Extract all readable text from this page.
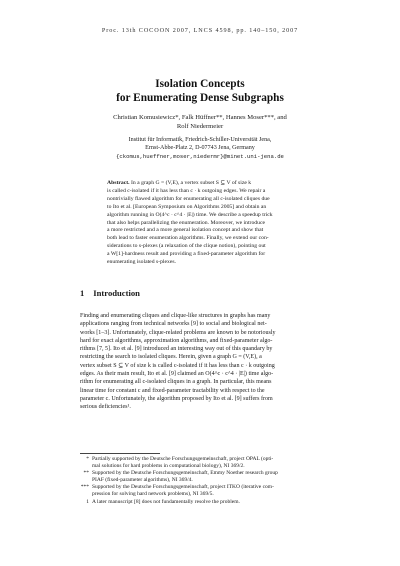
Proc. 13th COCOON 2007, LNCS 4598, pp. 140–150, 2007
Isolation Concepts
for Enumerating Dense Subgraphs
Christian Komusiewicz*, Falk Hüffner**, Hannes Moser***, and
Rolf Niedermeier
Institut für Informatik, Friedrich-Schiller-Universität Jena,
Ernst-Abbe-Platz 2, D-07743 Jena, Germany
{ckomus,hueffner,moser,niedermr}@minet.uni-jena.de
Abstract. In a graph G = (V,E), a vertex subset S ⊆ V of size k
is called c-isolated if it has less than c · k outgoing edges. We repair a
nontrivially flawed algorithm for enumerating all c-isolated cliques due
to Ito et al. [European Symposium on Algorithms 2005] and obtain an
algorithm running in O(4^c · c^4 · |E|) time. We describe a speedup trick
that also helps parallelizing the enumeration. Moreover, we introduce
a more restricted and a more general isolation concept and show that
both lead to faster enumeration algorithms. Finally, we extend our con-
siderations to s-plexes (a relaxation of the clique notion), pointing out
a W[1]-hardness result and providing a fixed-parameter algorithm for
enumerating isolated s-plexes.
1 Introduction
Finding and enumerating cliques and clique-like structures in graphs has many
applications ranging from technical networks [9] to social and biological net-
works [1–3]. Unfortunately, clique-related problems are known to be notoriously
hard for exact algorithms, approximation algorithms, and fixed-parameter algo-
rithms [7, 5]. Ito et al. [9] introduced an interesting way out of this quandary by
restricting the search to isolated cliques. Herein, given a graph G = (V,E), a
vertex subset S ⊆ V of size k is called c-isolated if it has less than c · k outgoing
edges. As their main result, Ito et al. [9] claimed an O(4^c · c^4 · |E|) time algo-
rithm for enumerating all c-isolated cliques in a graph. In particular, this means
linear time for constant c and fixed-parameter tractability with respect to the
parameter c. Unfortunately, the algorithm proposed by Ito et al. [9] suffers from
serious deficiencies¹.
* Partially supported by the Deutsche Forschungsgemeinschaft, project OPAL (opti-
mal solutions for hard problems in computational biology), NI 369/2.
** Supported by the Deutsche Forschungsgemeinschaft, Emmy Noether research group
PIAF (fixed-parameter algorithms), NI 369/4.
*** Supported by the Deutsche Forschungsgemeinschaft, project ITKO (iterative com-
pression for solving hard network problems), NI 369/5.
1 A later manuscript [8] does not fundamentally resolve the problem.
